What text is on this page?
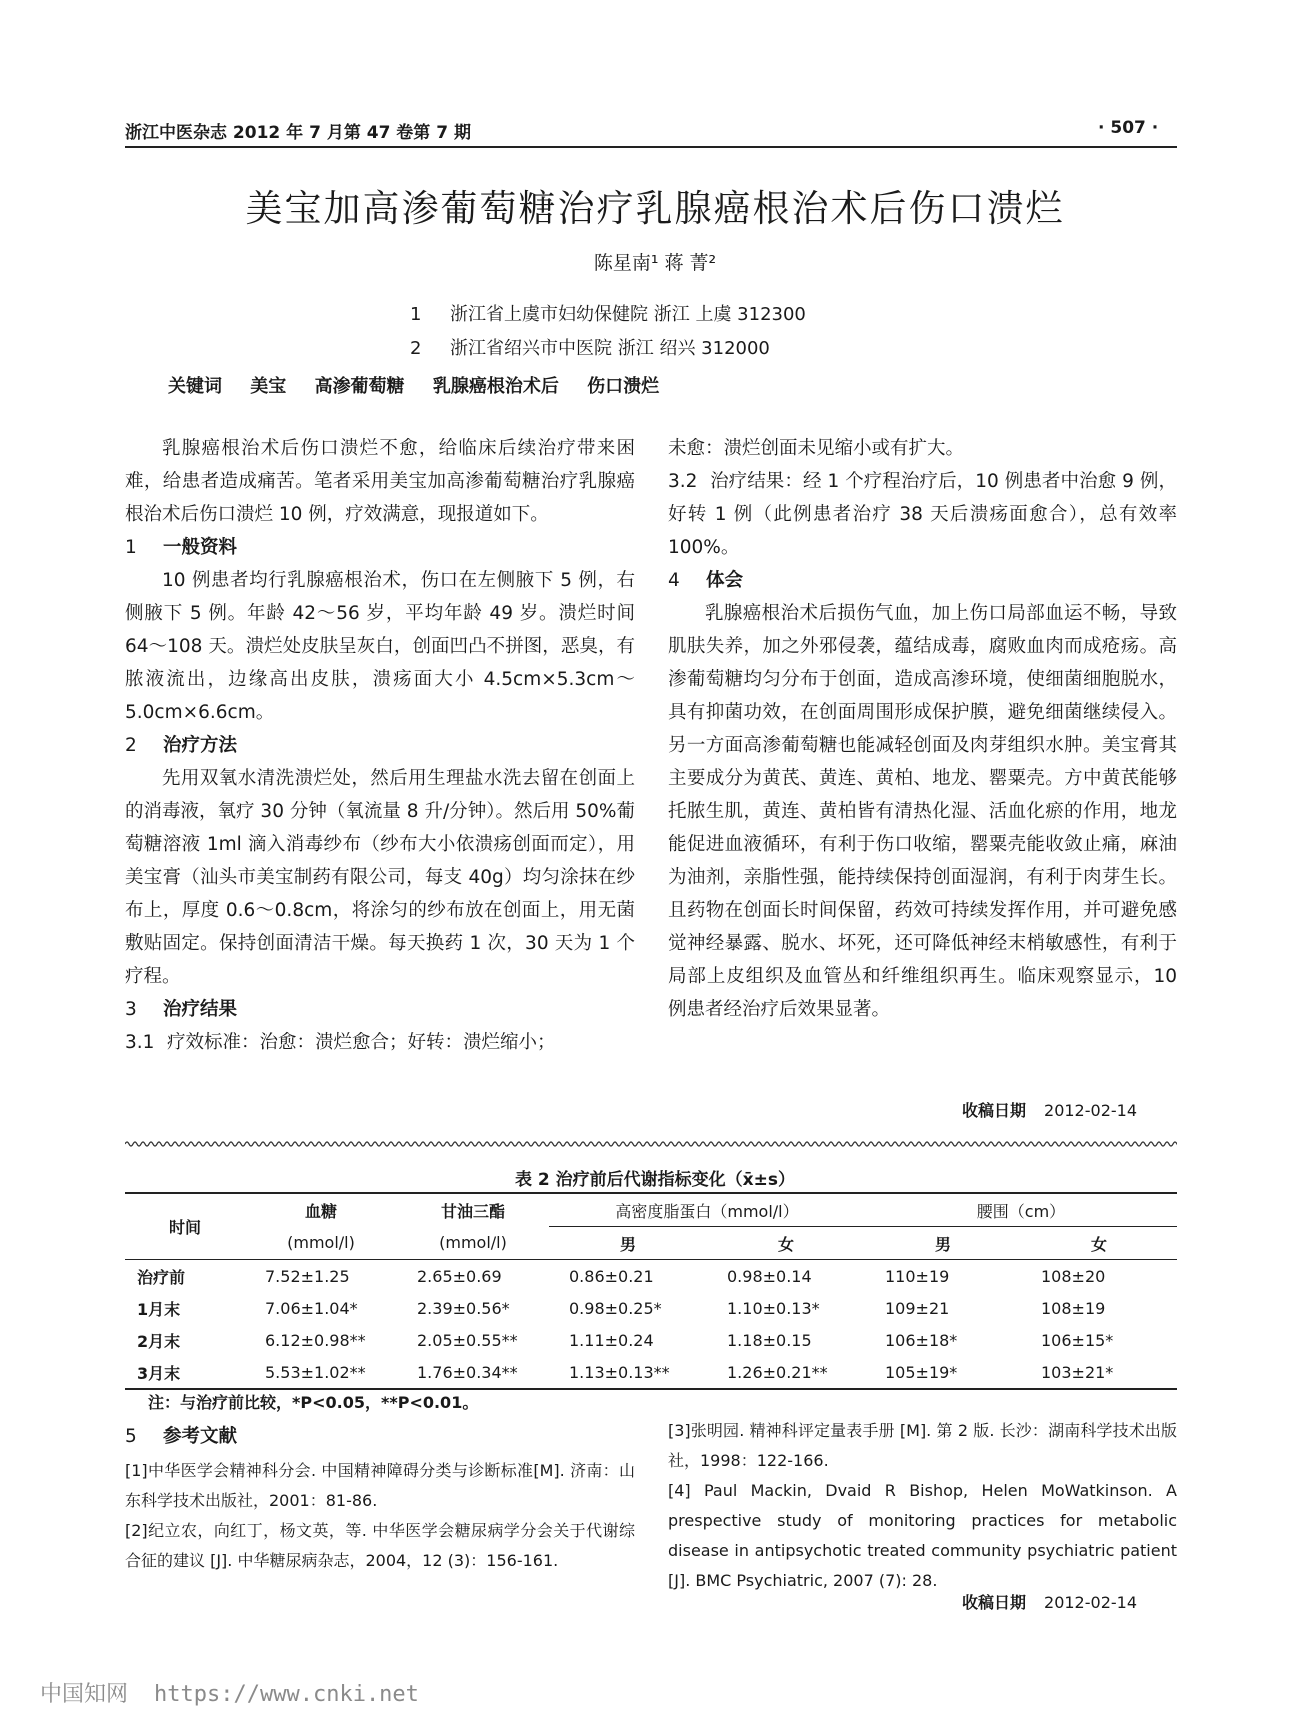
浙江中医杂志 2012 年 7 月第 47 卷第 7 期	· 507 ·
美宝加高渗葡萄糖治疗乳腺癌根治术后伤口溃烂
陈星南¹ 蒋 菁²
1 浙江省上虞市妇幼保健院 浙江 上虞 312300
2 浙江省绍兴市中医院 浙江 绍兴 312000
关键词 美宝 高渗葡萄糖 乳腺癌根治术后 伤口溃烂

乳腺癌根治术后伤口溃烂不愈，给临床后续治疗带来困难，给患者造成痛苦。笔者采用美宝加高渗葡萄糖治疗乳腺癌根治术后伤口溃烂 10 例，疗效满意，现报道如下。

1 一般资料

10 例患者均行乳腺癌根治术，伤口在左侧腋下 5 例，右侧腋下 5 例。年龄 42～56 岁，平均年龄 49 岁。溃烂时间 64～108 天。溃烂处皮肤呈灰白，创面凹凸不拼图，恶臭，有脓液流出，边缘高出皮肤，溃疡面大小 4.5cm×5.3cm～5.0cm×6.6cm。

2 治疗方法

先用双氧水清洗溃烂处，然后用生理盐水洗去留在创面上的消毒液，氧疗 30 分钟（氧流量 8 升/分钟）。然后用 50%葡萄糖溶液 1ml 滴入消毒纱布（纱布大小依溃疡创面而定），用美宝膏（汕头市美宝制药有限公司，每支 40g）均匀涂抹在纱布上，厚度 0.6～0.8cm，将涂匀的纱布放在创面上，用无菌敷贴固定。保持创面清洁干燥。每天换药 1 次，30 天为 1 个疗程。

3 治疗结果

3.1 疗效标准：治愈：溃烂愈合；好转：溃烂缩小；

未愈：溃烂创面未见缩小或有扩大。

3.2 治疗结果：经 1 个疗程治疗后，10 例患者中治愈 9 例，好转 1 例（此例患者治疗 38 天后溃疡面愈合），总有效率 100%。

4 体会

乳腺癌根治术后损伤气血，加上伤口局部血运不畅，导致肌肤失养，加之外邪侵袭，蕴结成毒，腐败血肉而成疮疡。高渗葡萄糖均匀分布于创面，造成高渗环境，使细菌细胞脱水，具有抑菌功效，在创面周围形成保护膜，避免细菌继续侵入。另一方面高渗葡萄糖也能减轻创面及肉芽组织水肿。美宝膏其主要成分为黄芪、黄连、黄柏、地龙、罂粟壳。方中黄芪能够托脓生肌，黄连、黄柏皆有清热化湿、活血化瘀的作用，地龙能促进血液循环，有利于伤口收缩，罂粟壳能收敛止痛，麻油为油剂，亲脂性强，能持续保持创面湿润，有利于肉芽生长。且药物在创面长时间保留，药效可持续发挥作用，并可避免感觉神经暴露、脱水、坏死，还可降低神经末梢敏感性，有利于局部上皮组织及血管丛和纤维组织再生。临床观察显示，10 例患者经治疗后效果显著。

收稿日期 2012-02-14
表 2 治疗前后代谢指标变化（x̄±s）
时间	血糖	甘油三酯	高密度脂蛋白（mmol/l）		腰围（cm）	
	(mmol/l)	(mmol/l)	男	女	男	女
治疗前	7.52±1.25	2.65±0.69	0.86±0.21	0.98±0.14	110±19	108±20
1月末	7.06±1.04*	2.39±0.56*	0.98±0.25*	1.10±0.13*	109±21	108±19
2月末	6.12±0.98**	2.05±0.55**	1.11±0.24	1.18±0.15	106±18*	106±15*
3月末	5.53±1.02**	1.76±0.34**	1.13±0.13**	1.26±0.21**	105±19*	103±21*
注：与治疗前比较，*P<0.05，**P<0.01。
5 参考文献

[1]中华医学会精神科分会. 中国精神障碍分类与诊断标准[M]. 济南：山东科学技术出版社，2001：81-86.

[2]纪立农，向红丁，杨文英，等. 中华医学会糖尿病学分会关于代谢综合征的建议 [J]. 中华糖尿病杂志，2004，12 (3)：156-161.

[3]张明园. 精神科评定量表手册 [M]. 第 2 版. 长沙：湖南科学技术出版社，1998：122-166.

[4] Paul Mackin, Dvaid R Bishop, Helen MoWatkinson. A prespective study of monitoring practices for metabolic disease in antipsychotic treated community psychiatric patient [J]. BMC Psychiatric, 2007 (7): 28.

收稿日期 2012-02-14
中国知网 https://www.cnki.net
